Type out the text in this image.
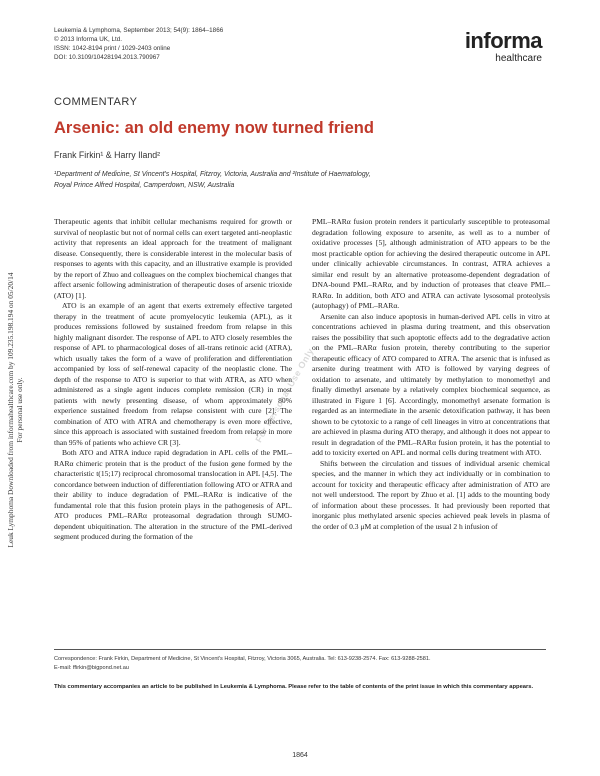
Leukemia & Lymphoma, September 2013; 54(9): 1864–1866
© 2013 Informa UK, Ltd.
ISSN: 1042-8194 print / 1029-2403 online
DOI: 10.3109/10428194.2013.790967
informa
healthcare
COMMENTARY
Arsenic: an old enemy now turned friend
Frank Firkin¹ & Harry Iland²
¹Department of Medicine, St Vincent's Hospital, Fitzroy, Victoria, Australia and ²Institute of Haematology,
Royal Prince Alfred Hospital, Camperdown, NSW, Australia

Therapeutic agents that inhibit cellular mechanisms required for growth or survival of neoplastic but not of normal cells can exert targeted anti-neoplastic activity that represents an ideal approach for the treatment of malignant disease. Consequently, there is considerable interest in the molecular basis of responses to agents with this capacity, and an illustrative example is provided by the report of Zhuo and colleagues on the complex biochemical changes that affect arsenic following administration of therapeutic doses of arsenic trioxide (ATO) [1].

ATO is an example of an agent that exerts extremely effective targeted therapy in the treatment of acute promyelocytic leukemia (APL), as it produces remissions followed by sustained freedom from relapse in this highly malignant disorder. The response of APL to ATO closely resembles the response of APL to pharmacological doses of all-trans retinoic acid (ATRA), which usually takes the form of a wave of proliferation and differentiation accompanied by loss of self-renewal capacity of the neoplastic clone. The depth of the response to ATO is superior to that with ATRA, as ATO when administered as a single agent induces complete remission (CR) in most patients with newly presenting disease, of whom approximately 80% experience sustained freedom from relapse consistent with cure [2]. The combination of ATO with ATRA and chemotherapy is even more effective, since this approach is associated with sustained freedom from relapse in more than 95% of patients who achieve CR [3].

Both ATO and ATRA induce rapid degradation in APL cells of the PML–RARα chimeric protein that is the product of the fusion gene formed by the characteristic t(15;17) reciprocal chromosomal translocation in APL [4,5]. The concordance between induction of differentiation following ATO or ATRA and their ability to induce degradation of PML–RARα is indicative of the fundamental role that this fusion protein plays in the pathogenesis of APL. ATO produces PML–RARα proteasomal degradation through SUMO-dependent ubiquitination. The alteration in the structure of the PML-derived segment produced during the formation of the

PML–RARα fusion protein renders it particularly susceptible to proteasomal degradation following exposure to arsenite, as well as to a number of oxidative processes [5], although administration of ATO appears to be the most practicable option for achieving the desired therapeutic outcome in APL under clinically achievable circumstances. In contrast, ATRA achieves a similar end result by an alternative proteasome-dependent degradation of DNA-bound PML–RARα, and by induction of proteases that cleave PML–RARα. In addition, both ATO and ATRA can activate lysosomal proteolysis (autophagy) of PML–RARα.

Arsenite can also induce apoptosis in human-derived APL cells in vitro at concentrations achieved in plasma during treatment, and this observation raises the possibility that such apoptotic effects add to the degradative action on the PML–RARα fusion protein, thereby contributing to the superior therapeutic efficacy of ATO compared to ATRA. The arsenic that is infused as arsenite during treatment with ATO is followed by varying degrees of oxidation to arsenate, and ultimately by methylation to monomethyl and finally dimethyl arsenate by a relatively complex biochemical sequence, as illustrated in Figure 1 [6]. Accordingly, monomethyl arsenate formation is regarded as an intermediate in the arsenic detoxification pathway, it has been shown to be cytotoxic to a range of cell lineages in vitro at concentrations that are achieved in plasma during ATO therapy, and although it does not appear to result in degradation of the PML–RARα fusion protein, it has the potential to add to toxicity exerted on APL and normal cells during treatment with ATO.

Shifts between the circulation and tissues of individual arsenic chemical species, and the manner in which they act individually or in combination to account for toxicity and therapeutic efficacy after administration of ATO are not well understood. The report by Zhuo et al. [1] adds to the mounting body of information about these processes. It had previously been reported that inorganic plus methylated arsenic species achieved peak levels in plasma of the order of 0.3 μM at completion of the usual 2 h infusion of

For Personal Use Only
Correspondence: Frank Firkin, Department of Medicine, St Vincent's Hospital, Fitzroy, Victoria 3065, Australia. Tel: 613-9238-2574. Fax: 613-9288-2581.
E-mail: ffirkin@bigpond.net.au
This commentary accompanies an article to be published in Leukemia & Lymphoma. Please refer to the table of contents of the print issue in which this commentary appears.
1864
Leuk Lymphoma Downloaded from informahealthcare.com by 109.235.198.194 on 05/20/14 For personal use only.
